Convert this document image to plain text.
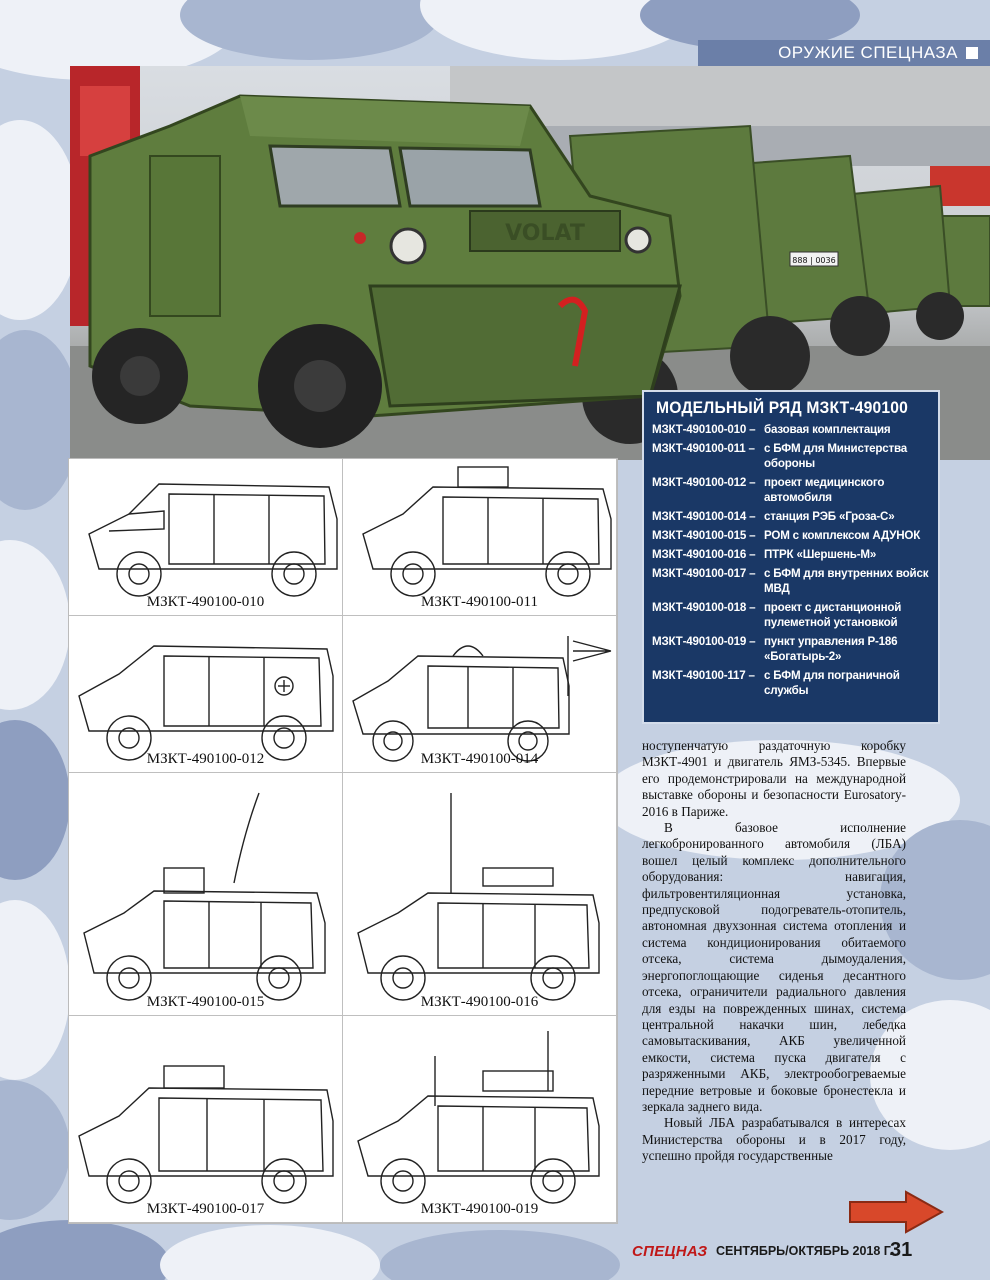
ОРУЖИЕ СПЕЦНАЗА
VOLAT
888 | 0036
МЗКТ-490100-010	МЗКТ-490100-011
МЗКТ-490100-012	МЗКТ-490100-014
МЗКТ-490100-015	МЗКТ-490100-016
МЗКТ-490100-017	МЗКТ-490100-019
МОДЕЛЬНЫЙ РЯД МЗКТ-490100
МЗКТ-490100-010 – базовая комплектация
МЗКТ-490100-011 – с БФМ для Министерства обороны
МЗКТ-490100-012 – проект медицинского автомобиля
МЗКТ-490100-014 – станция РЭБ «Гроза-С»
МЗКТ-490100-015 – РОМ с комплексом АДУНОК
МЗКТ-490100-016 – ПТРК «Шершень-М»
МЗКТ-490100-017 – с БФМ для внутренних войск МВД
МЗКТ-490100-018 – проект с дистанционной пулеметной установкой
МЗКТ-490100-019 – пункт управления Р-186 «Богатырь-2»
МЗКТ-490100-117 – с БФМ для пограничной службы

ноступенчатую раздаточную коробку МЗКТ-4901 и двигатель ЯМЗ-5345. Впервые его продемонстрировали на международной выставке обороны и безопасности Eurosatory-2016 в Париже.

В базовое исполнение легкобронированного автомобиля (ЛБА) вошел целый комплекс дополнительного оборудования: навигация, фильтровентиляционная установка, предпусковой подогреватель-отопитель, автономная двухзонная система отопления и система кондиционирования обитаемого отсека, система дымоудаления, энергопоглощающие сиденья десантного отсека, ограничители радиального давления для езды на поврежденных шинах, система центральной накачки шин, лебедка самовытаскивания, АКБ увеличенной емкости, система пуска двигателя с разряженными АКБ, электрообогреваемые передние ветровые и боковые бронестекла и зеркала заднего вида.

Новый ЛБА разрабатывался в интересах Министерства обороны и в 2017 году, успешно пройдя государственные

СПЕЦНАЗ СЕНТЯБРЬ/ОКТЯБРЬ 2018 Г.
31
